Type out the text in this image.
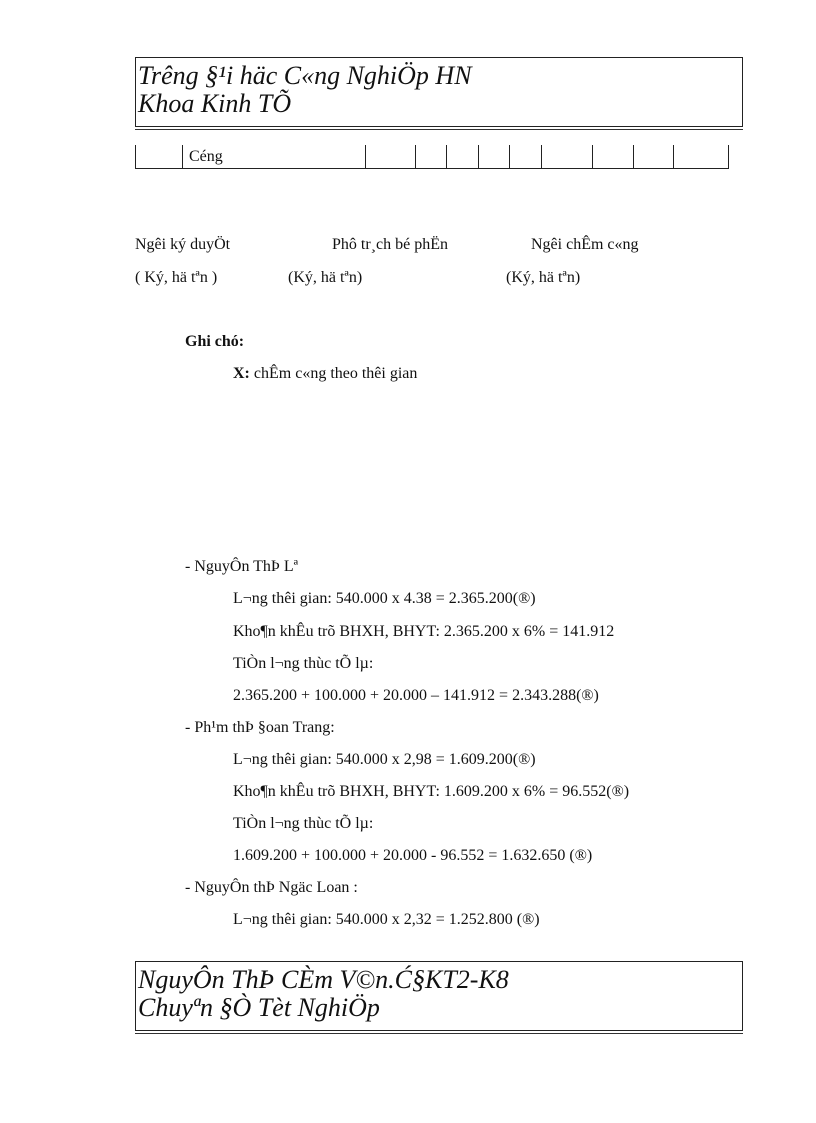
Trêng §¹i häc C«ng NghiÖp HN
Khoa Kinh TÕ
Céng
Ngêi ký duyÖt	Phô tr¸ch bé phËn	Ngêi chÊm c«ng
( Ký, hä tªn )	(Ký, hä tªn)	(Ký, hä tªn)
Ghi chó:
X: chÊm c«ng theo thêi gian
- NguyÔn ThÞ Lª
L¬ng thêi gian: 540.000 x 4.38 = 2.365.200(®)
Kho¶n khÊu trõ BHXH, BHYT: 2.365.200 x 6% = 141.912
TiÒn l¬ng thùc tÕ lµ:
2.365.200 + 100.000 + 20.000 – 141.912 = 2.343.288(®)
- Ph¹m thÞ §oan Trang:
L¬ng thêi gian: 540.000 x 2,98 = 1.609.200(®)
Kho¶n khÊu trõ BHXH, BHYT: 1.609.200 x 6% = 96.552(®)
TiÒn l¬ng thùc tÕ lµ:
1.609.200 + 100.000 + 20.000 - 96.552 = 1.632.650 (®)
- NguyÔn thÞ Ngäc Loan :
L¬ng thêi gian: 540.000 x 2,32 = 1.252.800 (®)
NguyÔn ThÞ CÈm V©n.Ć§KT2-K8
Chuyªn §Ò Tèt NghiÖp
